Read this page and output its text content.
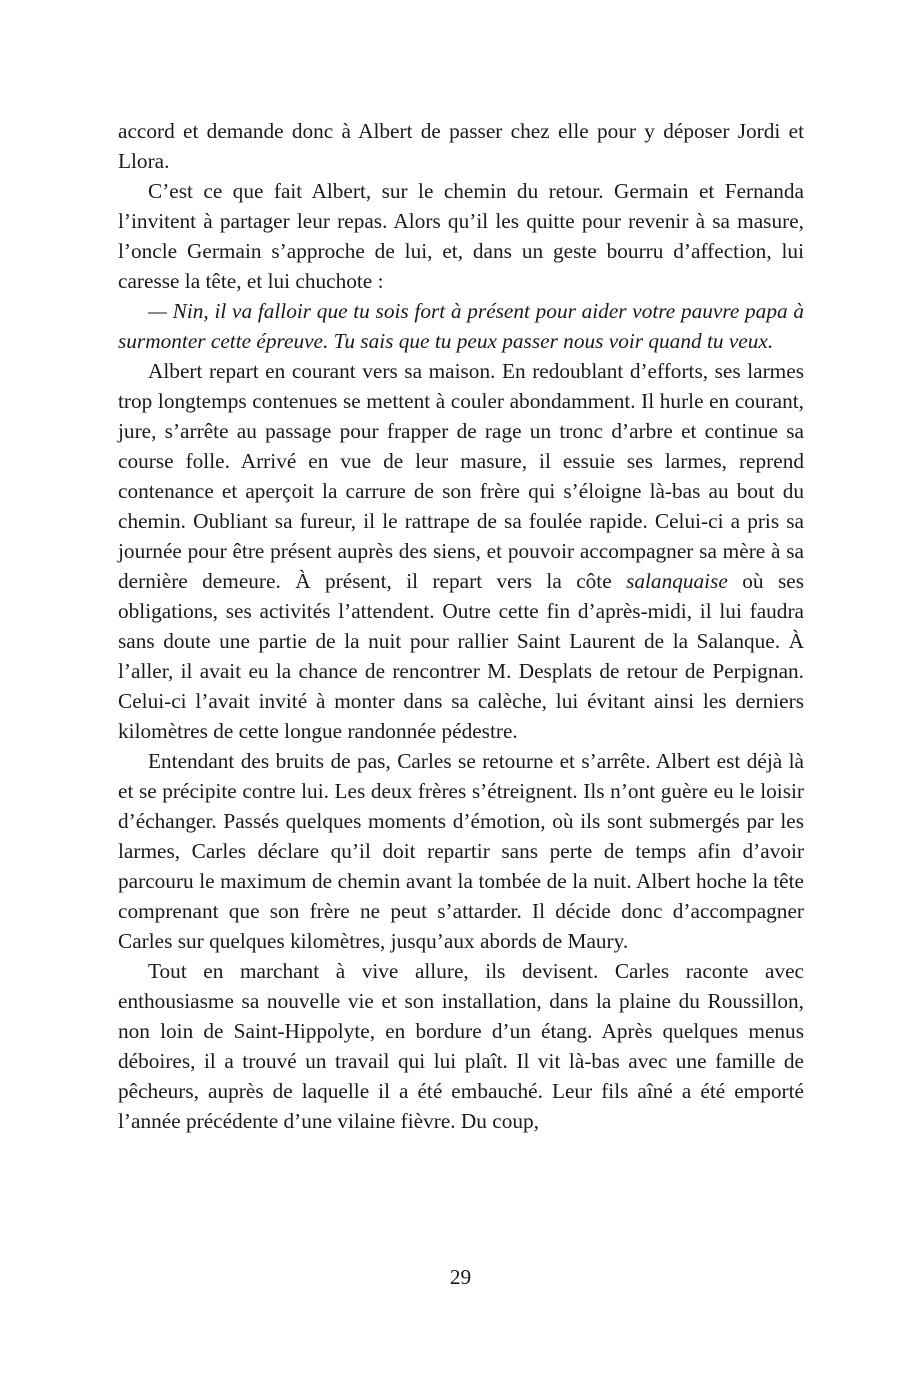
accord et demande donc à Albert de passer chez elle pour y déposer Jordi et Llora.

C’est ce que fait Albert, sur le chemin du retour. Germain et Fernanda l’invitent à partager leur repas. Alors qu’il les quitte pour revenir à sa masure, l’oncle Germain s’approche de lui, et, dans un geste bourru d’affection, lui caresse la tête, et lui chuchote :

— Nin, il va falloir que tu sois fort à présent pour aider votre pauvre papa à surmonter cette épreuve. Tu sais que tu peux passer nous voir quand tu veux.

Albert repart en courant vers sa maison. En redoublant d’efforts, ses larmes trop longtemps contenues se mettent à couler abondamment. Il hurle en courant, jure, s’arrête au passage pour frapper de rage un tronc d’arbre et continue sa course folle. Arrivé en vue de leur masure, il essuie ses larmes, reprend contenance et aperçoit la carrure de son frère qui s’éloigne là-bas au bout du chemin. Oubliant sa fureur, il le rattrape de sa foulée rapide. Celui-ci a pris sa journée pour être présent auprès des siens, et pouvoir accompagner sa mère à sa dernière demeure. À présent, il repart vers la côte salanquaise où ses obligations, ses activités l’attendent. Outre cette fin d’après-midi, il lui faudra sans doute une partie de la nuit pour rallier Saint Laurent de la Salanque. À l’aller, il avait eu la chance de rencontrer M. Desplats de retour de Perpignan. Celui-ci l’avait invité à monter dans sa calèche, lui évitant ainsi les derniers kilomètres de cette longue randonnée pédestre.

Entendant des bruits de pas, Carles se retourne et s’arrête. Albert est déjà là et se précipite contre lui. Les deux frères s’étreignent. Ils n’ont guère eu le loisir d’échanger. Passés quelques moments d’émotion, où ils sont submergés par les larmes, Carles déclare qu’il doit repartir sans perte de temps afin d’avoir parcouru le maximum de chemin avant la tombée de la nuit. Albert hoche la tête comprenant que son frère ne peut s’attarder. Il décide donc d’accompagner Carles sur quelques kilomètres, jusqu’aux abords de Maury.

Tout en marchant à vive allure, ils devisent. Carles raconte avec enthousiasme sa nouvelle vie et son installation, dans la plaine du Roussillon, non loin de Saint-Hippolyte, en bordure d’un étang. Après quelques menus déboires, il a trouvé un travail qui lui plaît. Il vit là-bas avec une famille de pêcheurs, auprès de laquelle il a été embauché. Leur fils aîné a été emporté l’année précédente d’une vilaine fièvre. Du coup,

29
